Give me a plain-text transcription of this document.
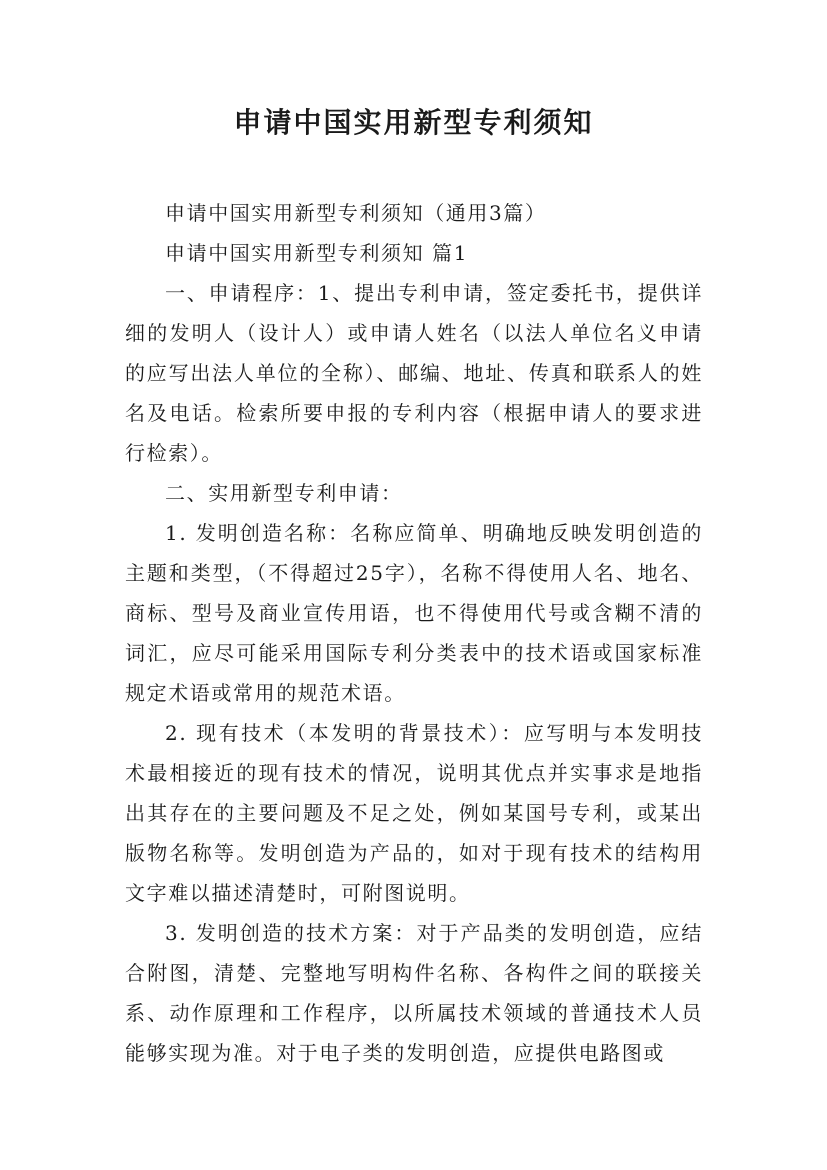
申请中国实用新型专利须知

申请中国实用新型专利须知（通用3篇）

申请中国实用新型专利须知 篇1

一、申请程序：1、提出专利申请，签定委托书，提供详细的发明人（设计人）或申请人姓名（以法人单位名义申请的应写出法人单位的全称）、邮编、地址、传真和联系人的姓名及电话。检索所要申报的专利内容（根据申请人的要求进行检索）。

二、实用新型专利申请：

1. 发明创造名称：名称应简单、明确地反映发明创造的主题和类型，（不得超过25字），名称不得使用人名、地名、商标、型号及商业宣传用语，也不得使用代号或含糊不清的词汇，应尽可能采用国际专利分类表中的技术语或国家标准规定术语或常用的规范术语。

2. 现有技术（本发明的背景技术）：应写明与本发明技术最相接近的现有技术的情况，说明其优点并实事求是地指出其存在的主要问题及不足之处，例如某国号专利，或某出版物名称等。发明创造为产品的，如对于现有技术的结构用文字难以描述清楚时，可附图说明。

3. 发明创造的技术方案：对于产品类的发明创造，应结合附图，清楚、完整地写明构件名称、各构件之间的联接关系、动作原理和工作程序，以所属技术领域的普通技术人员能够实现为准。对于电子类的发明创造，应提供电路图或
